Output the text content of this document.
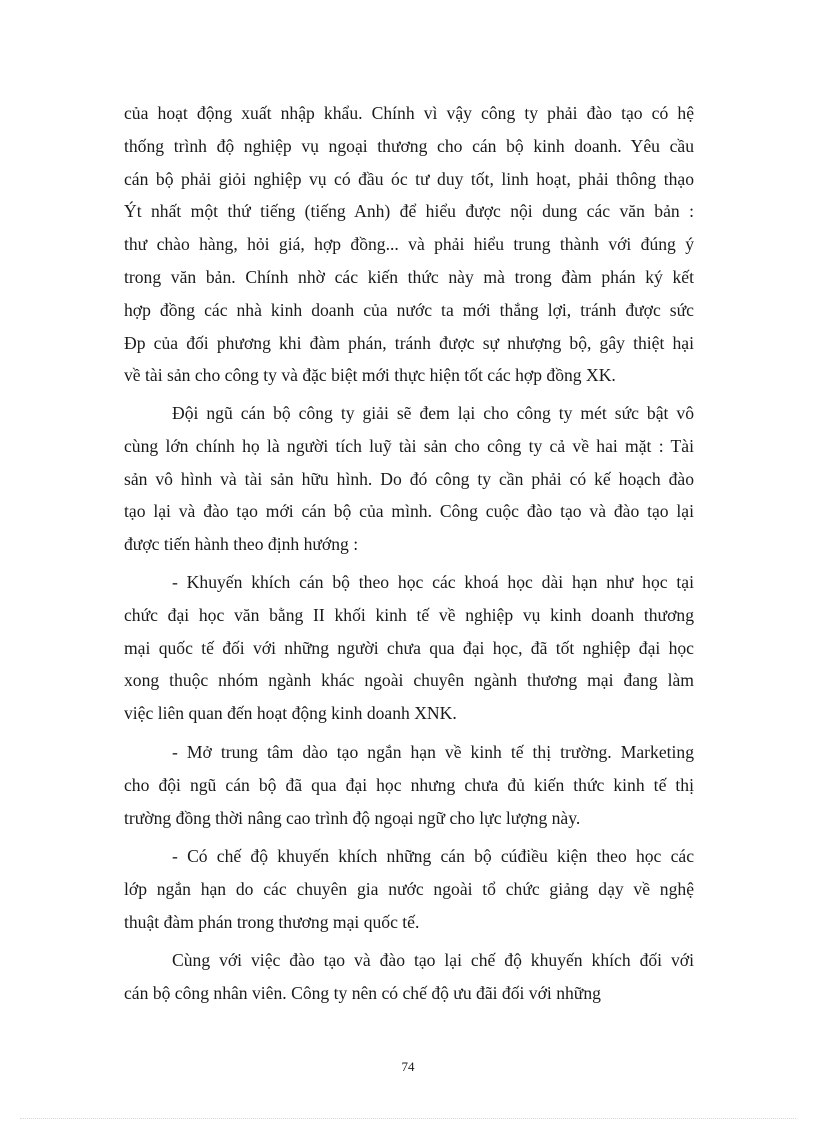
của hoạt động xuất nhập khẩu. Chính vì vậy công ty phải đào tạo có hệ
thống trình độ nghiệp vụ ngoại thương cho cán bộ kinh doanh. Yêu cầu
cán bộ phải giỏi nghiệp vụ có đầu óc tư duy tốt, linh hoạt, phải thông thạo
Ýt nhất một thứ tiếng (tiếng Anh) để hiểu được nội dung các văn bản :
thư chào hàng, hỏi giá, hợp đồng... và phải hiểu trung thành với đúng ý
trong văn bản. Chính nhờ các kiến thức này mà trong đàm phán ký kết
hợp đồng các nhà kinh doanh của nước ta mới thắng lợi, tránh được sức
Ðp của đối phương khi đàm phán, tránh được sự nhượng bộ, gây thiệt hại
về tài sản cho công ty và đặc biệt mới thực hiện tốt các hợp đồng XK.

Đội ngũ cán bộ công ty giải sẽ đem lại cho công ty mét sức bật vô
cùng lớn chính họ là người tích luỹ tài sản cho công ty cả về hai mặt : Tài
sản vô hình và tài sản hữu hình. Do đó công ty cần phải có kế hoạch đào
tạo lại và đào tạo mới cán bộ của mình. Công cuộc đào tạo và đào tạo lại
được tiến hành theo định hướng :

- Khuyến khích cán bộ theo học các khoá học dài hạn như học tại
chức đại học văn bằng II khối kinh tế về nghiệp vụ kinh doanh thương
mại quốc tế đối với những người chưa qua đại học, đã tốt nghiệp đại học
xong thuộc nhóm ngành khác ngoài chuyên ngành thương mại đang làm
việc liên quan đến hoạt động kinh doanh XNK.

- Mở trung tâm dào tạo ngắn hạn về kinh tế thị trường. Marketing
cho đội ngũ cán bộ đã qua đại học nhưng chưa đủ kiến thức kinh tế thị
trường đồng thời nâng cao trình độ ngoại ngữ cho lực lượng này.

- Có chế độ khuyến khích những cán bộ cúđiều kiện theo học các
lớp ngắn hạn do các chuyên gia nước ngoài tổ chức giảng dạy về nghệ
thuật đàm phán trong thương mại quốc tế.

Cùng với việc đào tạo và đào tạo lại chế độ khuyến khích đối với
cán bộ công nhân viên. Công ty nên có chế độ ưu đãi đối với những

74
